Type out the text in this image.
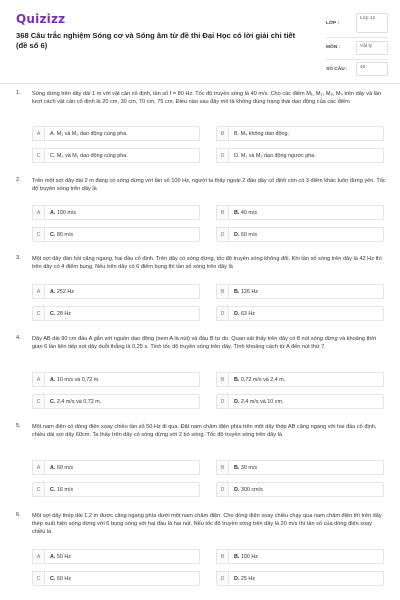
Quizizz
368 Câu trắc nghiệm Sóng cơ và Sóng âm từ đề thi Đại Học có lời giải chi tiết (đề số 6)
LỚP :
Lớp 12
MÔN :	Vật lý
SỐ CÂU :	40
1. Sóng dừng trên dây dài 1 m với vật cản cố định, tần số f = 80 Hz. Tốc độ truyền sóng là 40 m/s. Cho các điểm M₁, M₂, M₃, M₄ trên dây và lần lượt cách vật cản cố định là 20 cm, 30 cm, 70 cm, 75 cm. Điều nào sau đây mô tả không đúng trạng thái dao động của các điểm
A	A. M₂ và M₃ dao động cùng pha.	B	B. M₄ không dao động.
C	C. M₃ và M₁ dao động cùng pha.	D	D. M₁ và M₂ dao động ngược pha.
2. Trên một sợi dây dài 2 m đang có sóng dừng với tần số 100 Hz, người ta thấy ngoài 2 đầu dây cố định còn có 3 điểm khác luôn đứng yên. Tốc độ truyền sóng trên dây là
A	A. 100 m/s	B	B. 40 m/s
C	C. 80 m/s	D	D. 60 m/s
3. Một sợi dây đàn hồi căng ngang, hai đầu cố định. Trên dây có sóng dừng, tốc độ truyền sóng không đổi. Khi tần số sóng trên dây là 42 Hz thì trên dây có 4 điểm bụng. Nếu trên dây có 6 điểm bụng thì tần số sóng trên dây là
A	A. 252 Hz	B	B. 126 Hz
C	C. 28 Hz	D	D. 63 Hz
4. Dây AB dài 90 cm đầu A gắn với nguồn dao động (xem A là nút) và đầu B tự do. Quan sát thấy trên dây có 8 nút sóng dừng và khoảng thời gian 6 lần liên tiếp sợi dây duỗi thẳng là 0,25 s. Tính tốc độ truyền sóng trên dây. Tính khoảng cách từ A đến nút thứ 7.
A	A. 10 m/s và 0,72 m.	B	B. 0,72 m/s và 2,4 m.
C	C. 2,4 m/s và 0,72 m.	D	D. 2,4 m/s và 10 cm.
5. Một nam điện có dòng điện xoay chiều tần số 50 Hz đi qua. Đặt nam châm điện phía trên một dây thép AB căng ngang với hai đầu cố định, chiều dài sợi dây 60cm. Ta thấy trên dây có sóng dừng với 2 bó sóng. Tốc độ truyền sóng trên dây là
A	A. 60 m/s	B	B. 30 m/s
C	C. 16 m/s	D	D. 300 cm/s
6. Một sợi dây thép dài 1,2 m được căng ngang phía dưới một nam châm điện. Cho dòng điện xoay chiều chạy qua nam châm điện thì trên dây thép xuất hiện sóng dừng với 6 bụng sóng với hai đầu là hai nút. Nếu tốc độ truyền sóng trên dây là 20 m/s thì tần số của dòng điện xoay chiều là
A	A. 50 Hz	B	B. 100 Hz
C	C. 60 Hz	D	D. 25 Hz
